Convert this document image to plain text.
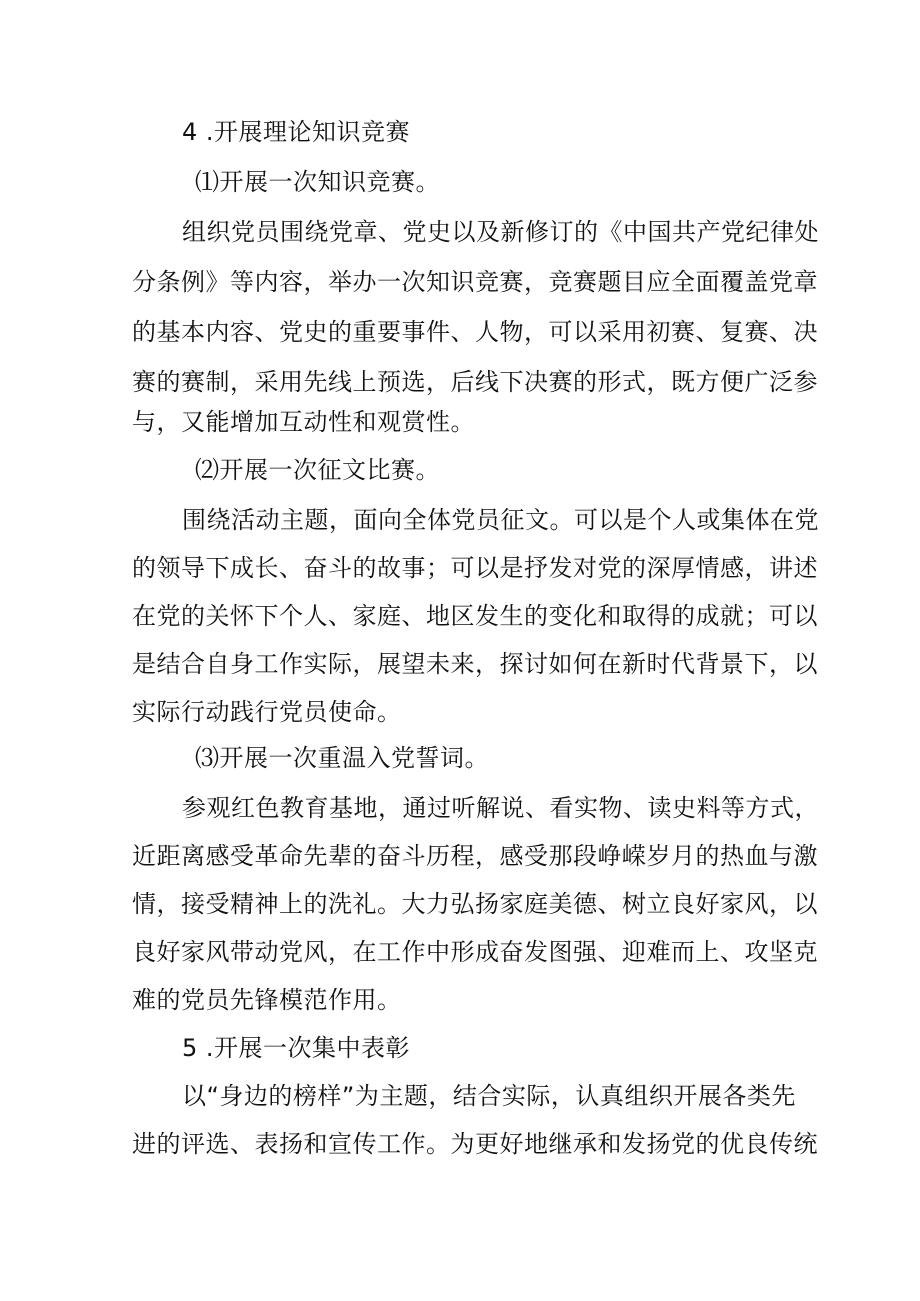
4 .开展理论知识竞赛
⑴开展一次知识竞赛。
组织党员围绕党章、党史以及新修订的《中国共产党纪律处
分条例》等内容，举办一次知识竞赛，竞赛题目应全面覆盖党章
的基本内容、党史的重要事件、人物，可以采用初赛、复赛、决
赛的赛制，采用先线上预选，后线下决赛的形式，既方便广泛参
与，又能增加互动性和观赏性。
⑵开展一次征文比赛。
围绕活动主题，面向全体党员征文。可以是个人或集体在党
的领导下成长、奋斗的故事；可以是抒发对党的深厚情感，讲述
在党的关怀下个人、家庭、地区发生的变化和取得的成就；可以
是结合自身工作实际，展望未来，探讨如何在新时代背景下，以
实际行动践行党员使命。
⑶开展一次重温入党誓词。
参观红色教育基地，通过听解说、看实物、读史料等方式，
近距离感受革命先辈的奋斗历程，感受那段峥嵘岁月的热血与激
情，接受精神上的洗礼。大力弘扬家庭美德、树立良好家风，以
良好家风带动党风，在工作中形成奋发图强、迎难而上、攻坚克
难的党员先锋模范作用。
5 .开展一次集中表彰
以“身边的榜样”为主题，结合实际，认真组织开展各类先
进的评选、表扬和宣传工作。为更好地继承和发扬党的优良传统
